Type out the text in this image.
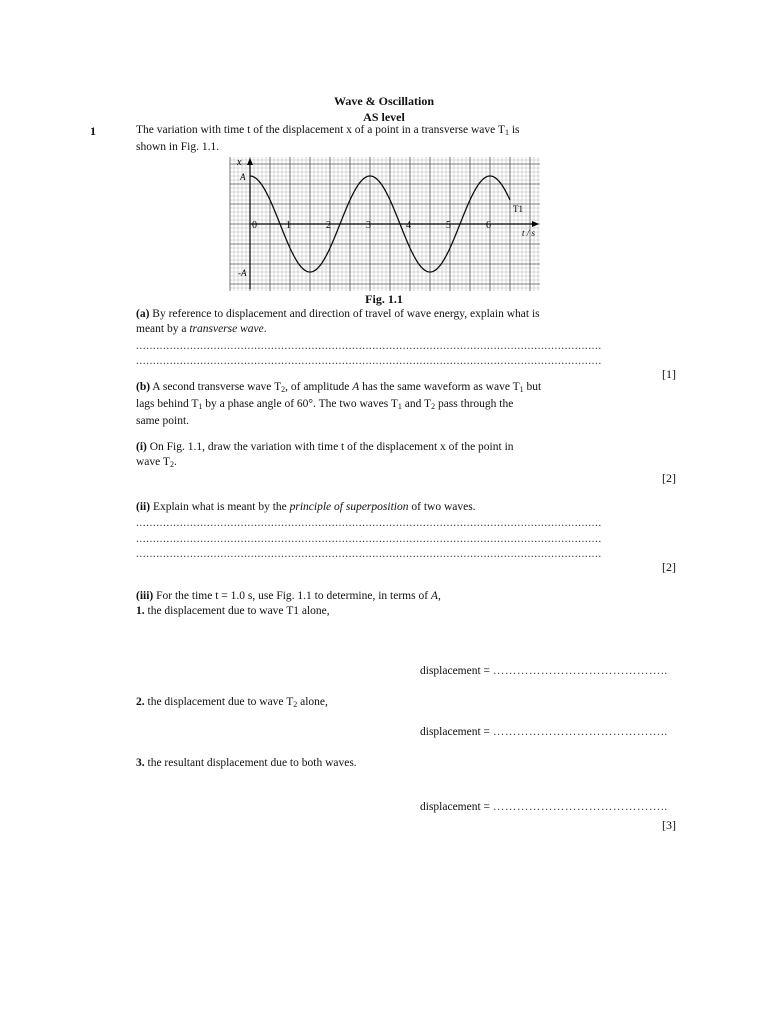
Wave & Oscillation
AS level
1	The variation with time t of the displacement x of a point in a transverse wave $T_1$ is
shown in Fig. 1.1.
0	1	2	3	4	5	6
x
t / s
A
-A
T1
Fig. 1.1
(a) By reference to displacement and direction of travel of wave energy, explain what is
meant by a transverse wave.
..........................................................................................................................................
..........................................................................................................................................
[1]
(b) A second transverse wave $T_2$, of amplitude A has the same waveform as wave $T_1$ but
lags behind $T_1$ by a phase angle of 60°. The two waves $T_1$ and $T_2$ pass through the
same point.
(i) On Fig. 1.1, draw the variation with time t of the displacement x of the point in
wave $T_2$.
[2]
(ii) Explain what is meant by the principle of superposition of two waves.
..........................................................................................................................................
..........................................................................................................................................
..........................................................................................................................................
[2]
(iii) For the time t = 1.0 s, use Fig. 1.1 to determine, in terms of A,
1. the displacement due to wave T1 alone,
displacement = ……………………………………..
2. the displacement due to wave $T_2$ alone,
displacement = ……………………………………..
3. the resultant displacement due to both waves.
displacement = ……………………………………..
[3]
